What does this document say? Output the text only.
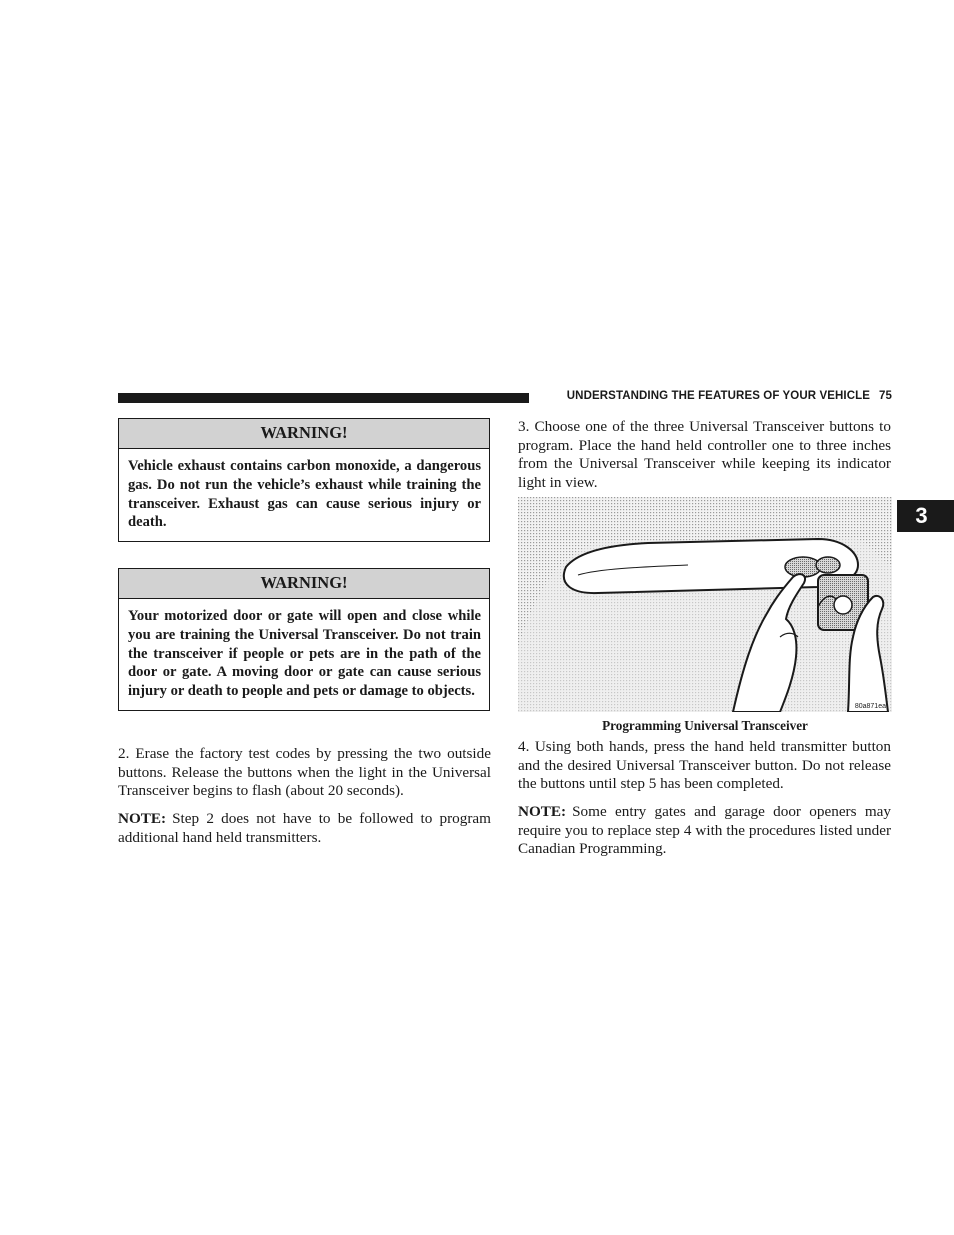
UNDERSTANDING THE FEATURES OF YOUR VEHICLE 75
3
WARNING!
Vehicle exhaust contains carbon monoxide, a dangerous gas. Do not run the vehicle’s exhaust while training the transceiver. Exhaust gas can cause serious injury or death.
WARNING!
Your motorized door or gate will open and close while you are training the Universal Transceiver. Do not train the transceiver if people or pets are in the path of the door or gate. A moving door or gate can cause serious injury or death to people and pets or damage to objects.

2. Erase the factory test codes by pressing the two outside buttons. Release the buttons when the light in the Universal Transceiver begins to flash (about 20 seconds).

NOTE: Step 2 does not have to be followed to program additional hand held transmitters.

3. Choose one of the three Universal Transceiver buttons to program. Place the hand held controller one to three inches from the Universal Transceiver while keeping its indicator light in view.

80a871ea
Programming Universal Transceiver

4. Using both hands, press the hand held transmitter button and the desired Universal Transceiver button. Do not release the buttons until step 5 has been completed.

NOTE: Some entry gates and garage door openers may require you to replace step 4 with the procedures listed under Canadian Programming.
